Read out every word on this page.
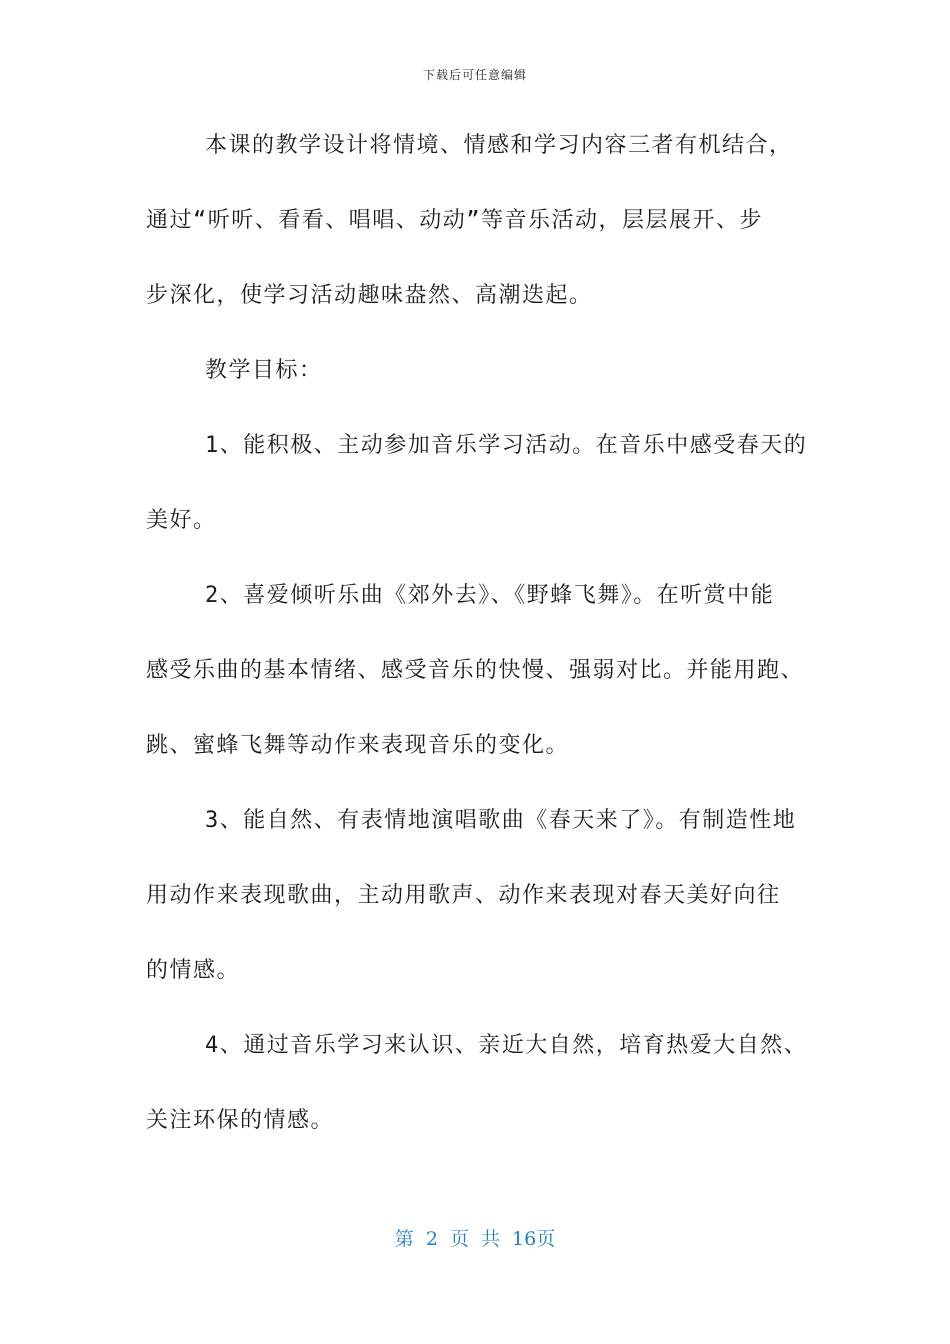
下载后可任意编辑
本课的教学设计将情境、情感和学习内容三者有机结合，
通过“听听、看看、唱唱、动动”等音乐活动，层层展开、步
步深化，使学习活动趣味盎然、高潮迭起。
教学目标：
1、能积极、主动参加音乐学习活动。在音乐中感受春天的
美好。
2、喜爱倾听乐曲《郊外去》、《野蜂飞舞》。在听赏中能
感受乐曲的基本情绪、感受音乐的快慢、强弱对比。并能用跑、
跳、蜜蜂飞舞等动作来表现音乐的变化。
3、能自然、有表情地演唱歌曲《春天来了》。有制造性地
用动作来表现歌曲，主动用歌声、动作来表现对春天美好向往
的情感。
4、通过音乐学习来认识、亲近大自然，培育热爱大自然、
关注环保的情感。
第 2 页 共 16页
